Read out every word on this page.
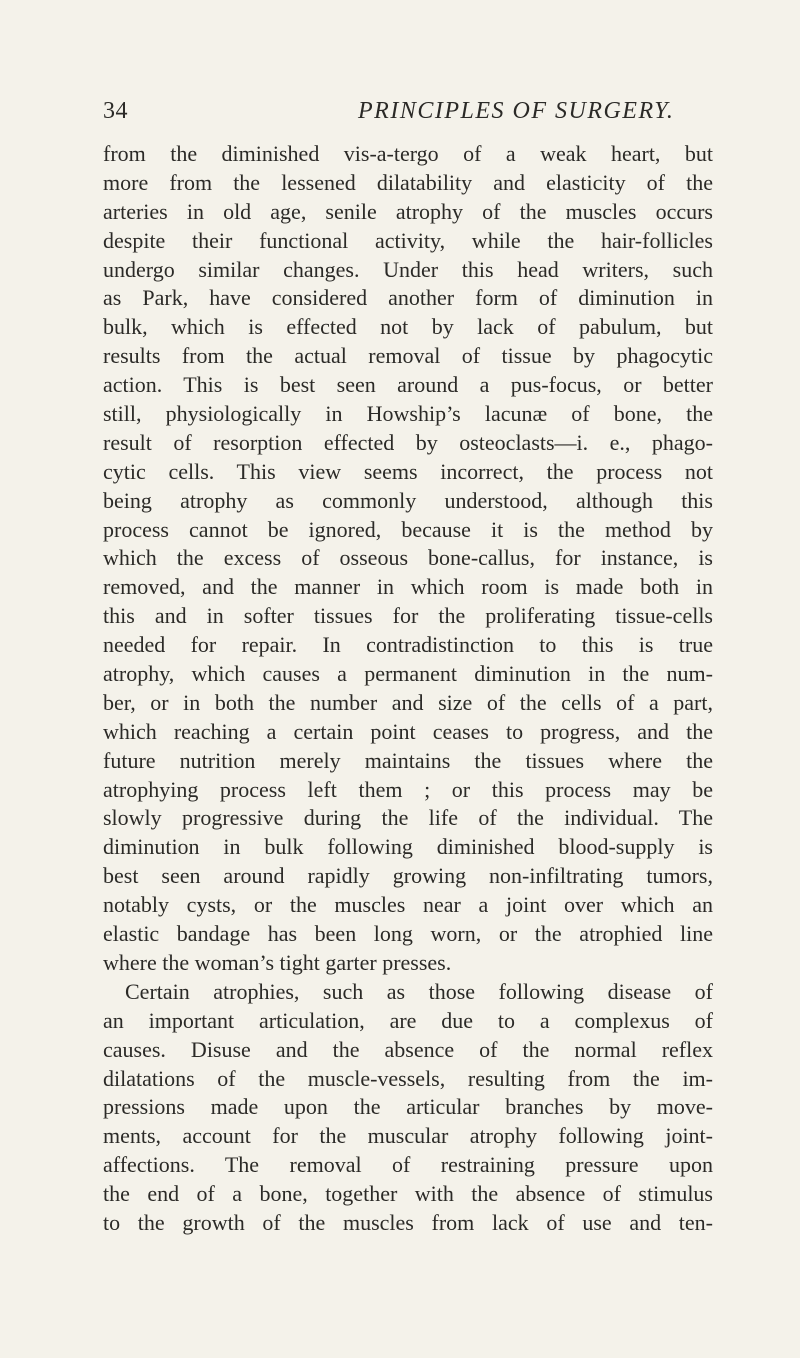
34	PRINCIPLES OF SURGERY.
from the diminished vis-a-tergo of a weak heart, but
more from the lessened dilatability and elasticity of the
arteries in old age, senile atrophy of the muscles occurs
despite their functional activity, while the hair-follicles
undergo similar changes. Under this head writers, such
as Park, have considered another form of diminution in
bulk, which is effected not by lack of pabulum, but
results from the actual removal of tissue by phagocytic
action. This is best seen around a pus-focus, or better
still, physiologically in Howship’s lacunæ of bone, the
result of resorption effected by osteoclasts—i. e., phago-
cytic cells. This view seems incorrect, the process not
being atrophy as commonly understood, although this
process cannot be ignored, because it is the method by
which the excess of osseous bone-callus, for instance, is
removed, and the manner in which room is made both in
this and in softer tissues for the proliferating tissue-cells
needed for repair. In contradistinction to this is true
atrophy, which causes a permanent diminution in the num-
ber, or in both the number and size of the cells of a part,
which reaching a certain point ceases to progress, and the
future nutrition merely maintains the tissues where the
atrophying process left them ; or this process may be
slowly progressive during the life of the individual. The
diminution in bulk following diminished blood-supply is
best seen around rapidly growing non-infiltrating tumors,
notably cysts, or the muscles near a joint over which an
elastic bandage has been long worn, or the atrophied line
where the woman’s tight garter presses.
Certain atrophies, such as those following disease of
an important articulation, are due to a complexus of
causes. Disuse and the absence of the normal reflex
dilatations of the muscle-vessels, resulting from the im-
pressions made upon the articular branches by move-
ments, account for the muscular atrophy following joint-
affections. The removal of restraining pressure upon
the end of a bone, together with the absence of stimulus
to the growth of the muscles from lack of use and ten-
